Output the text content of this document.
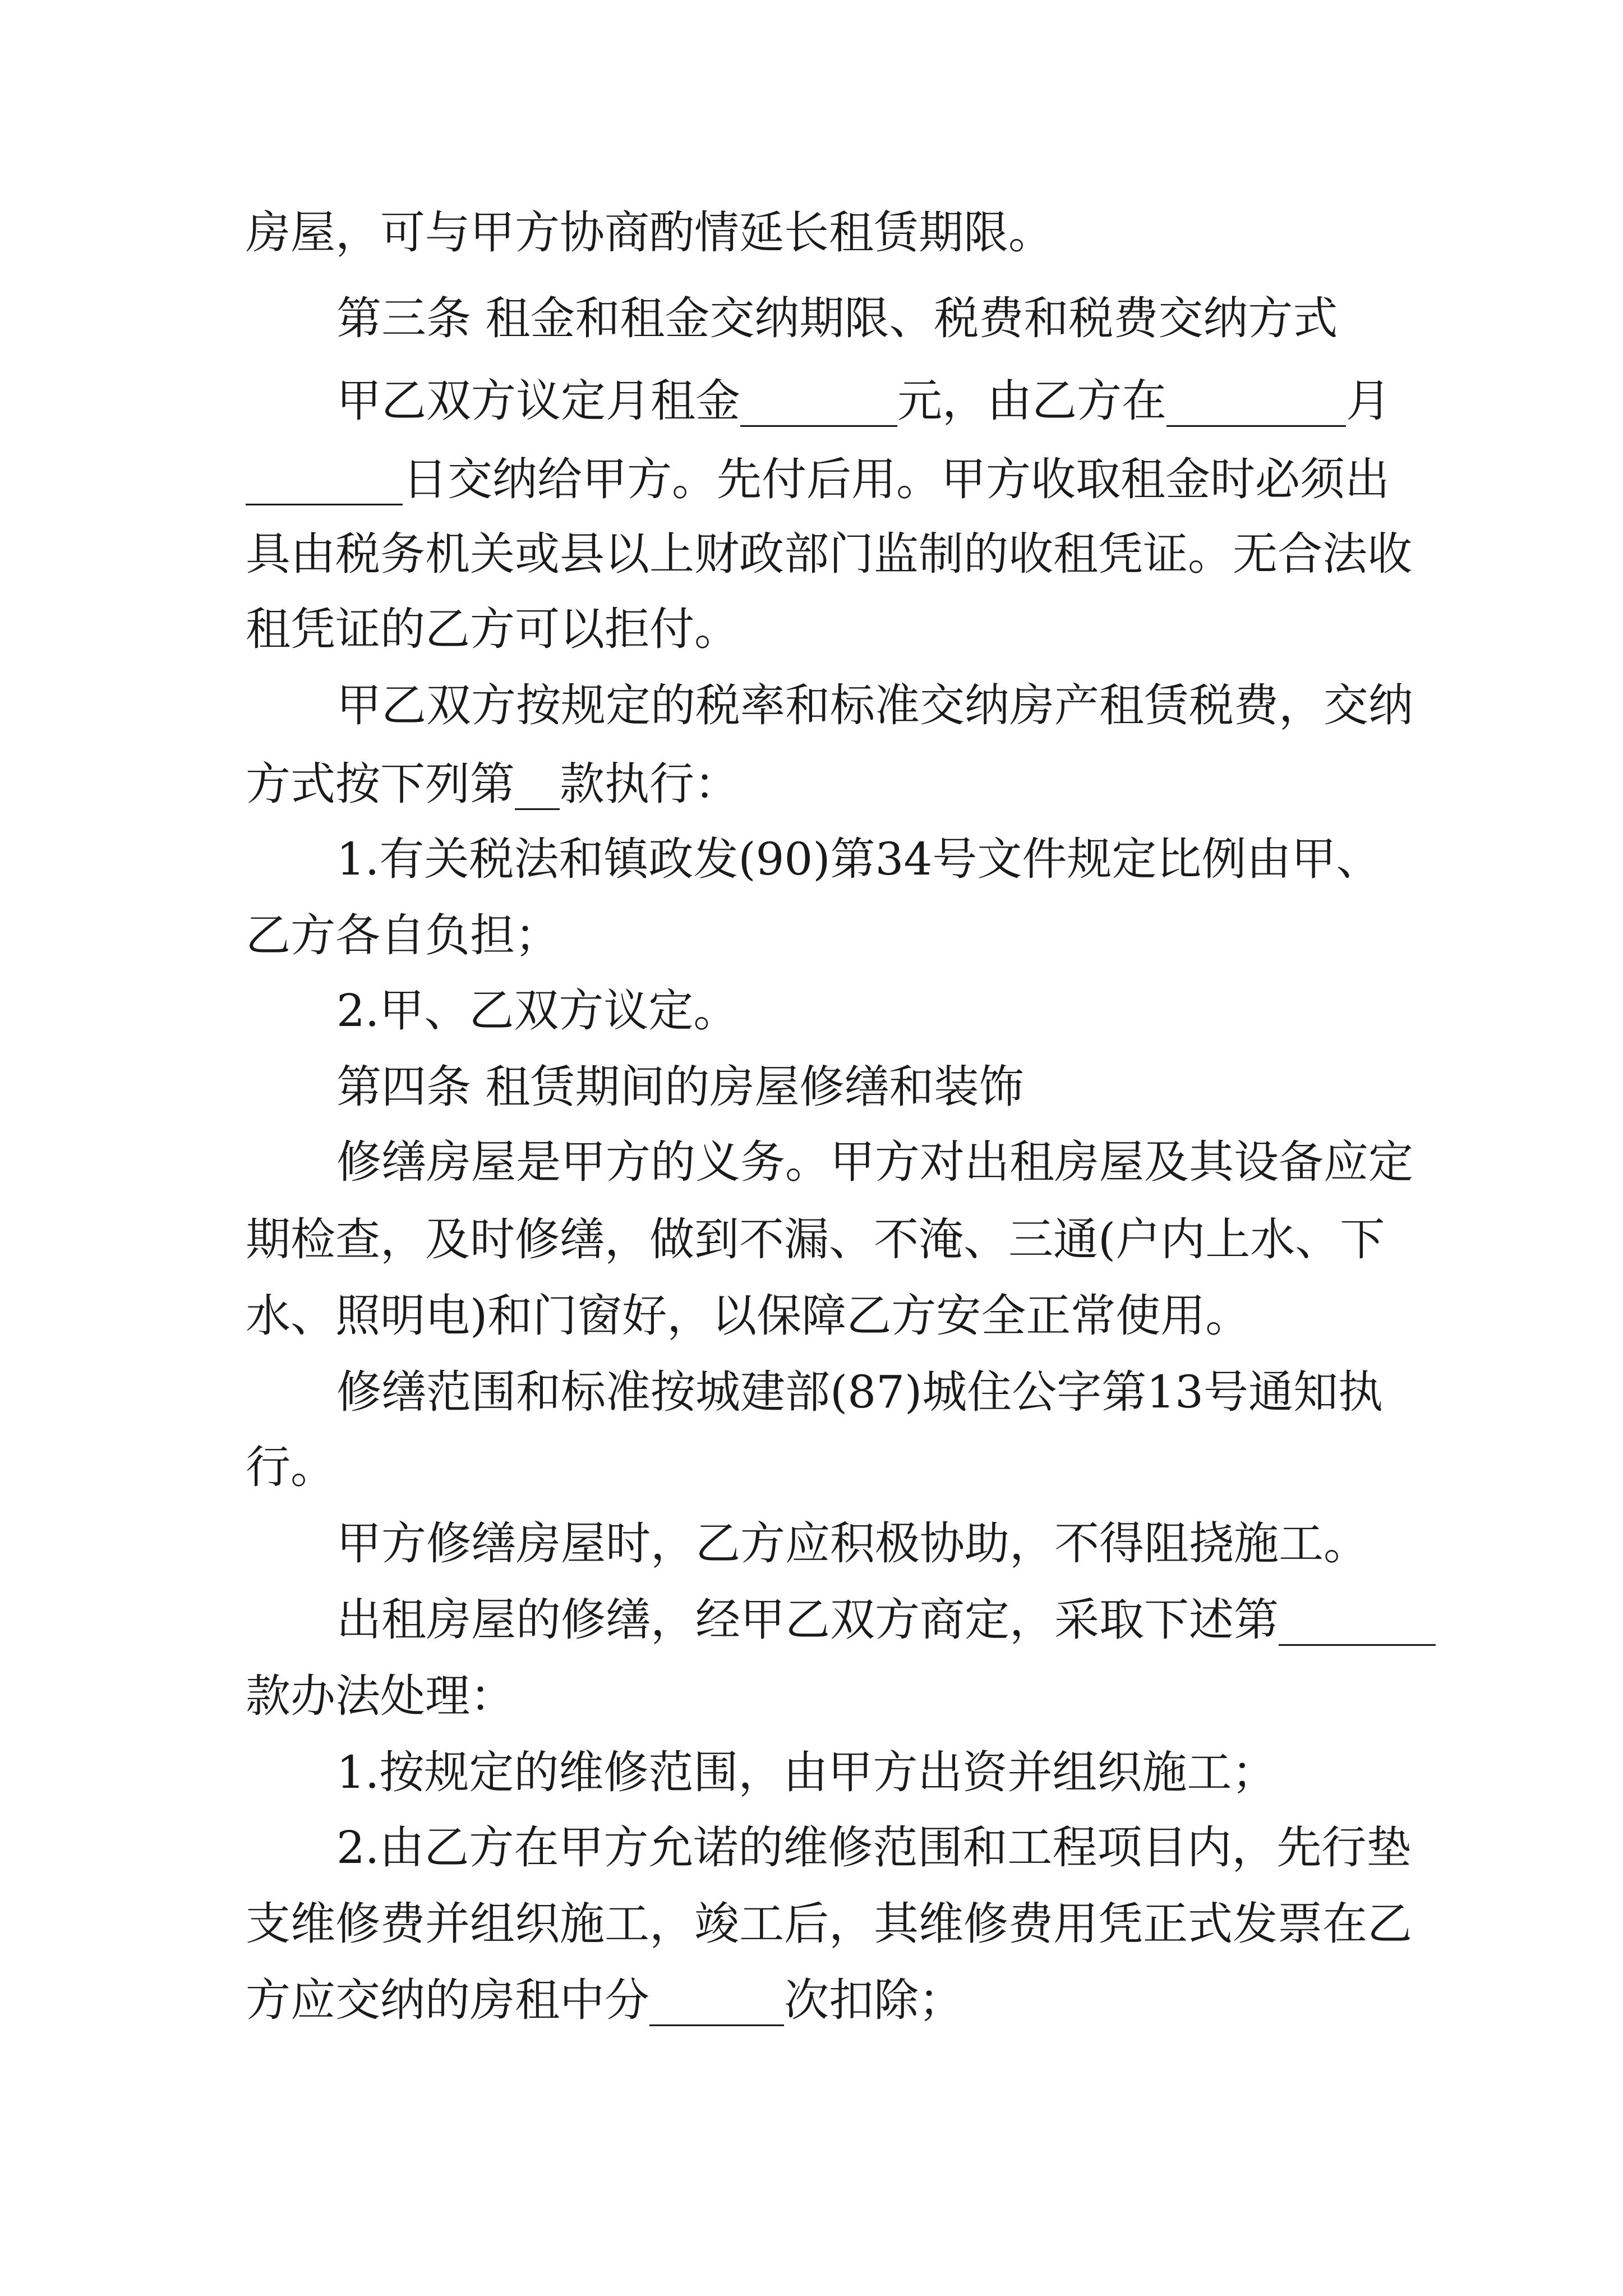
房屋，可与甲方协商酌情延长租赁期限。
第三条 租金和租金交纳期限、税费和税费交纳方式
甲乙双方议定月租金_______元，由乙方在________月
_______日交纳给甲方。先付后用。甲方收取租金时必须出
具由税务机关或县以上财政部门监制的收租凭证。无合法收
租凭证的乙方可以拒付。
甲乙双方按规定的税率和标准交纳房产租赁税费，交纳
方式按下列第__款执行：
1.有关税法和镇政发(90)第34号文件规定比例由甲、
乙方各自负担；
2.甲、乙双方议定。
第四条 租赁期间的房屋修缮和装饰
修缮房屋是甲方的义务。甲方对出租房屋及其设备应定
期检查，及时修缮，做到不漏、不淹、三通(户内上水、下
水、照明电)和门窗好，以保障乙方安全正常使用。
修缮范围和标准按城建部(87)城住公字第13号通知执
行。
甲方修缮房屋时，乙方应积极协助，不得阻挠施工。
出租房屋的修缮，经甲乙双方商定，采取下述第_______
款办法处理：
1.按规定的维修范围，由甲方出资并组织施工；
2.由乙方在甲方允诺的维修范围和工程项目内，先行垫
支维修费并组织施工，竣工后，其维修费用凭正式发票在乙
方应交纳的房租中分______次扣除；
